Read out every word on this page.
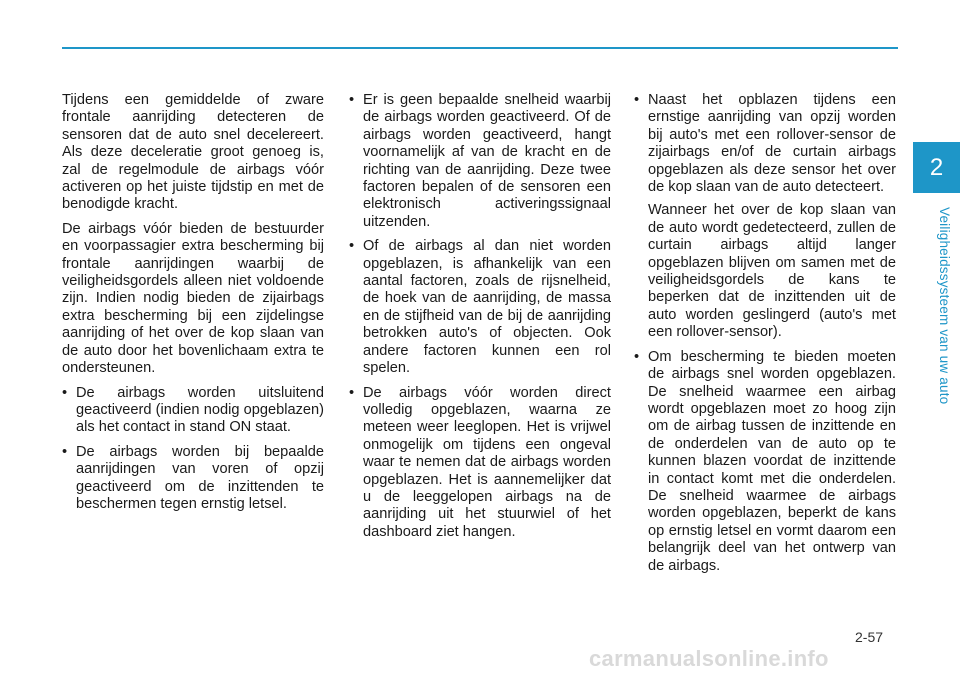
2
Veiligheidssysteem van uw auto

Tijdens een gemiddelde of zware frontale aanrijding detecteren de sensoren dat de auto snel decelereert. Als deze deceleratie groot genoeg is, zal de regelmodule de airbags vóór activeren op het juiste tijdstip en met de benodigde kracht.

De airbags vóór bieden de bestuurder en voorpassagier extra bescherming bij frontale aanrijdingen waarbij de veiligheidsgordels alleen niet voldoende zijn. Indien nodig bieden de zijairbags extra bescherming bij een zijdelingse aanrijding of het over de kop slaan van de auto door het bovenlichaam extra te ondersteunen.

• De airbags worden uitsluitend geactiveerd (indien nodig opgeblazen) als het contact in stand ON staat.
• De airbags worden bij bepaalde aanrijdingen van voren of opzij geactiveerd om de inzittenden te beschermen tegen ernstig letsel.
• Er is geen bepaalde snelheid waarbij de airbags worden geactiveerd. Of de airbags worden geactiveerd, hangt voornamelijk af van de kracht en de richting van de aanrijding. Deze twee factoren bepalen of de sensoren een elektronisch activeringssignaal uitzenden.
• Of de airbags al dan niet worden opgeblazen, is afhankelijk van een aantal factoren, zoals de rijsnelheid, de hoek van de aanrijding, de massa en de stijfheid van de bij de aanrijding betrokken auto's of objecten. Ook andere factoren kunnen een rol spelen.
• De airbags vóór worden direct volledig opgeblazen, waarna ze meteen weer leeglopen. Het is vrijwel onmogelijk om tijdens een ongeval waar te nemen dat de airbags worden opgeblazen. Het is aannemelijker dat u de leeggelopen airbags na de aanrijding uit het stuurwiel of het dashboard ziet hangen.
• Naast het opblazen tijdens een ernstige aanrijding van opzij worden bij auto's met een rollover-sensor de zijairbags en/of de curtain airbags opgeblazen als deze sensor het over de kop slaan van de auto detecteert.

Wanneer het over de kop slaan van de auto wordt gedetecteerd, zullen de curtain airbags altijd langer opgeblazen blijven om samen met de veiligheidsgordels de kans te beperken dat de inzittenden uit de auto worden geslingerd (auto's met een rollover-sensor).

• Om bescherming te bieden moeten de airbags snel worden opgeblazen. De snelheid waarmee een airbag wordt opgeblazen moet zo hoog zijn om de airbag tussen de inzittende en de onderdelen van de auto op te kunnen blazen voordat de inzittende in contact komt met die onderdelen. De snelheid waarmee de airbags worden opgeblazen, beperkt de kans op ernstig letsel en vormt daarom een belangrijk deel van het ontwerp van de airbags.
2-57
carmanualsonline.info
